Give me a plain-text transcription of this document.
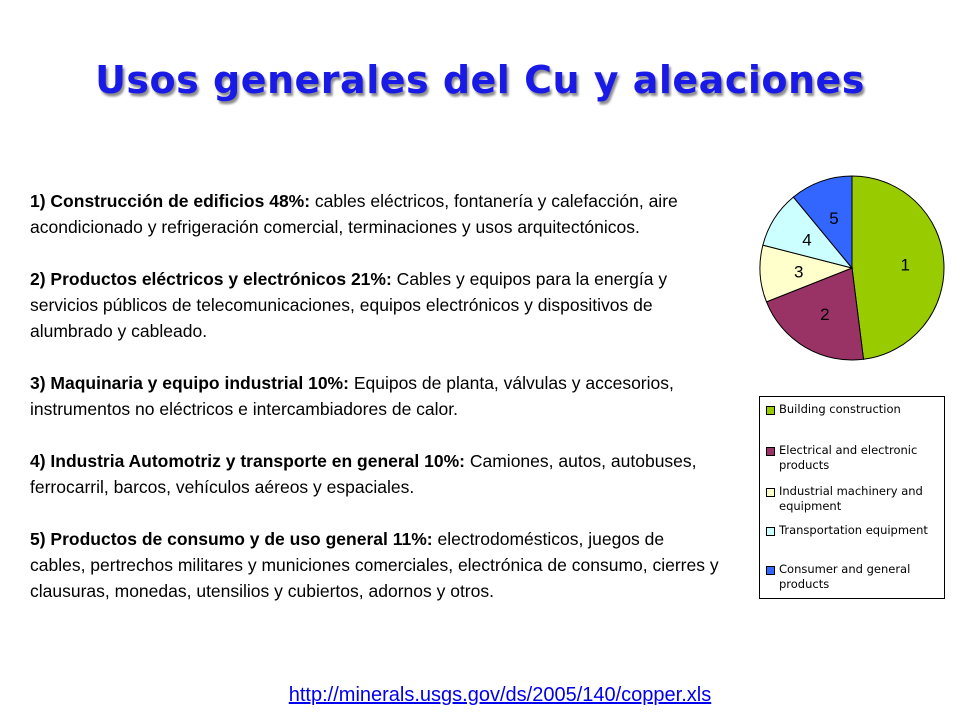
Usos generales del Cu y aleaciones

1) Construcción de edificios 48%: cables eléctricos, fontanería y calefacción, aire acondicionado y refrigeración comercial, terminaciones y usos arquitectónicos.

2) Productos eléctricos y electrónicos 21%: Cables y equipos para la energía y servicios públicos de telecomunicaciones, equipos electrónicos y dispositivos de alumbrado y cableado.

3) Maquinaria y equipo industrial 10%: Equipos de planta, válvulas y accesorios, instrumentos no eléctricos e intercambiadores de calor.

4) Industria Automotriz y transporte en general 10%: Camiones, autos, autobuses, ferrocarril, barcos, vehículos aéreos y espaciales.

5) Productos de consumo y de uso general 11%: electrodomésticos, juegos de cables, pertrechos militares y municiones comerciales, electrónica de consumo, cierres y clausuras, monedas, utensilios y cubiertos, adornos y otros.

1
2
3
4
5
Building construction
Electrical and electronic products
Industrial machinery and equipment
Transportation equipment
Consumer and general products
http://minerals.usgs.gov/ds/2005/140/copper.xls
